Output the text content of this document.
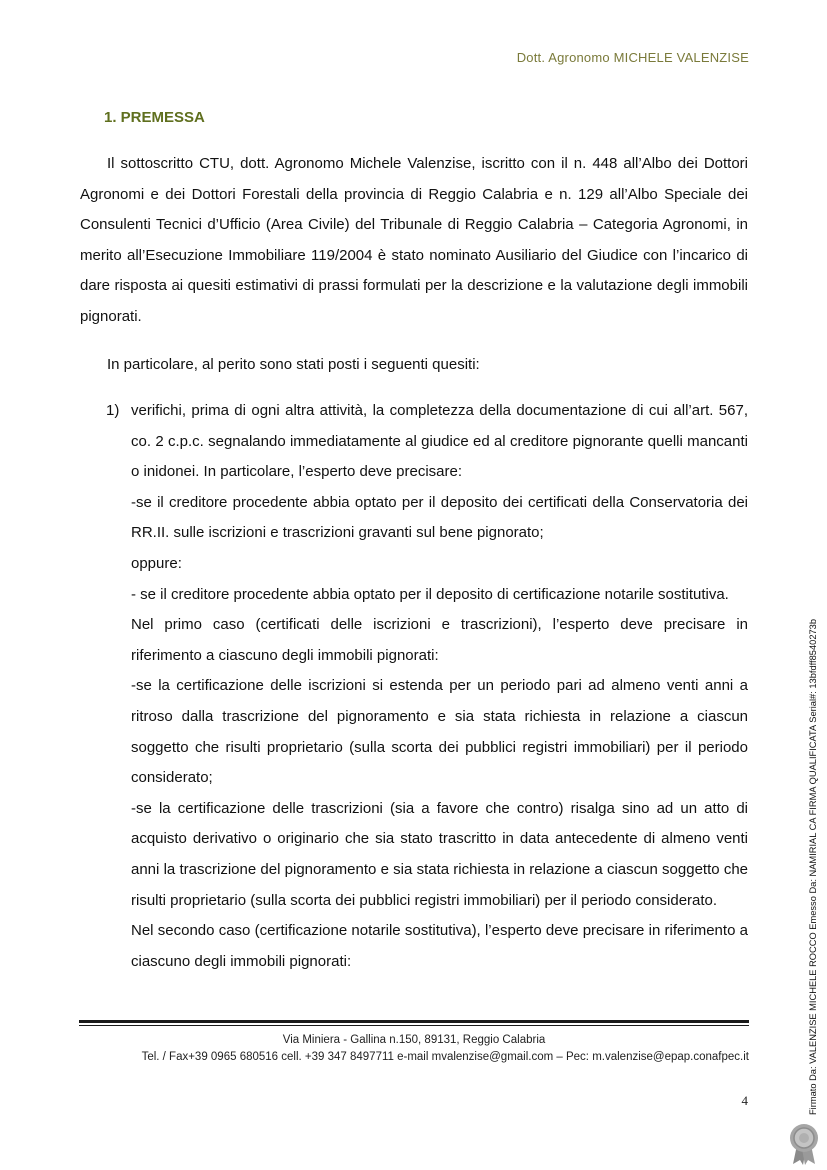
Dott. Agronomo MICHELE VALENZISE
1. PREMESSA

Il sottoscritto CTU, dott. Agronomo Michele Valenzise, iscritto con il n. 448 all’Albo dei Dottori Agronomi e dei Dottori Forestali della provincia di Reggio Calabria e n. 129 all’Albo Speciale dei Consulenti Tecnici d’Ufficio (Area Civile) del Tribunale di Reggio Calabria – Categoria Agronomi, in merito all’Esecuzione Immobiliare 119/2004 è stato nominato Ausiliario del Giudice con l’incarico di dare risposta ai quesiti estimativi di prassi formulati per la descrizione e la valutazione degli immobili pignorati.

In particolare, al perito sono stati posti i seguenti quesiti:

1) verifichi, prima di ogni altra attività, la completezza della documentazione di cui all’art. 567, co. 2 c.p.c. segnalando immediatamente al giudice ed al creditore pignorante quelli mancanti o inidonei. In particolare, l’esperto deve precisare:

-se il creditore procedente abbia optato per il deposito dei certificati della Conservatoria dei RR.II. sulle iscrizioni e trascrizioni gravanti sul bene pignorato;

oppure:

- se il creditore procedente abbia optato per il deposito di certificazione notarile sostitutiva.

Nel primo caso (certificati delle iscrizioni e trascrizioni), l’esperto deve precisare in riferimento a ciascuno degli immobili pignorati:

-se la certificazione delle iscrizioni si estenda per un periodo pari ad almeno venti anni a ritroso dalla trascrizione del pignoramento e sia stata richiesta in relazione a ciascun soggetto che risulti proprietario (sulla scorta dei pubblici registri immobiliari) per il periodo considerato;

-se la certificazione delle trascrizioni (sia a favore che contro) risalga sino ad un atto di acquisto derivativo o originario che sia stato trascritto in data antecedente di almeno venti anni la trascrizione del pignoramento e sia stata richiesta in relazione a ciascun soggetto che risulti proprietario (sulla scorta dei pubblici registri immobiliari) per il periodo considerato.

Nel secondo caso (certificazione notarile sostitutiva), l’esperto deve precisare in riferimento a ciascuno degli immobili pignorati:

Via Miniera - Gallina n.150, 89131, Reggio Calabria
Tel. / Fax+39 0965 680516 cell. +39 347 8497711 e-mail mvalenzise@gmail.com – Pec: m.valenzise@epap.conafpec.it
4	Firmato Da: VALENZISE MICHELE ROCCO Emesso Da: NAMIRIAL CA FIRMA QUALIFICATA Serial#: 13bfdff8540273b
